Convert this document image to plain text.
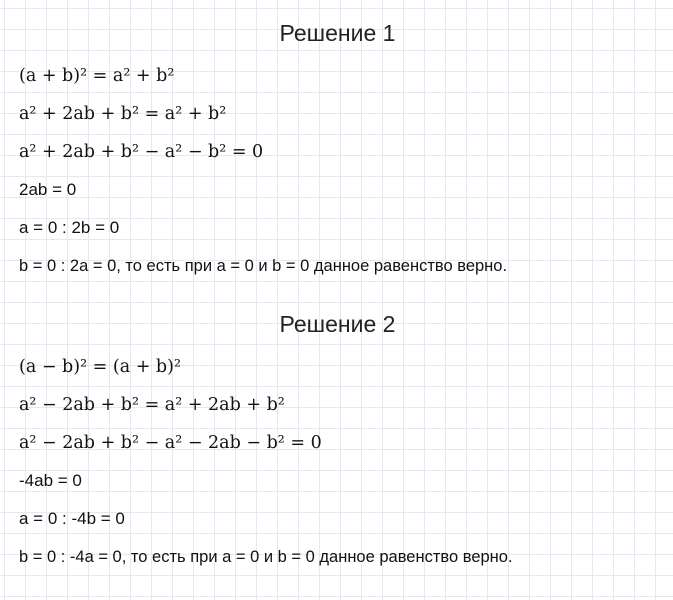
Решение 1
(a + b)² = a² + b²
a² + 2ab + b² = a² + b²
a² + 2ab + b² − a² − b² = 0
2ab = 0
a = 0 : 2b = 0
b = 0 : 2a = 0, то есть при a = 0 и b = 0 данное равенство верно.
Решение 2
(a − b)² = (a + b)²
a² − 2ab + b² = a² + 2ab + b²
a² − 2ab + b² − a² − 2ab − b² = 0
-4ab = 0
a = 0 : -4b = 0
b = 0 : -4a = 0, то есть при a = 0 и b = 0 данное равенство верно.
